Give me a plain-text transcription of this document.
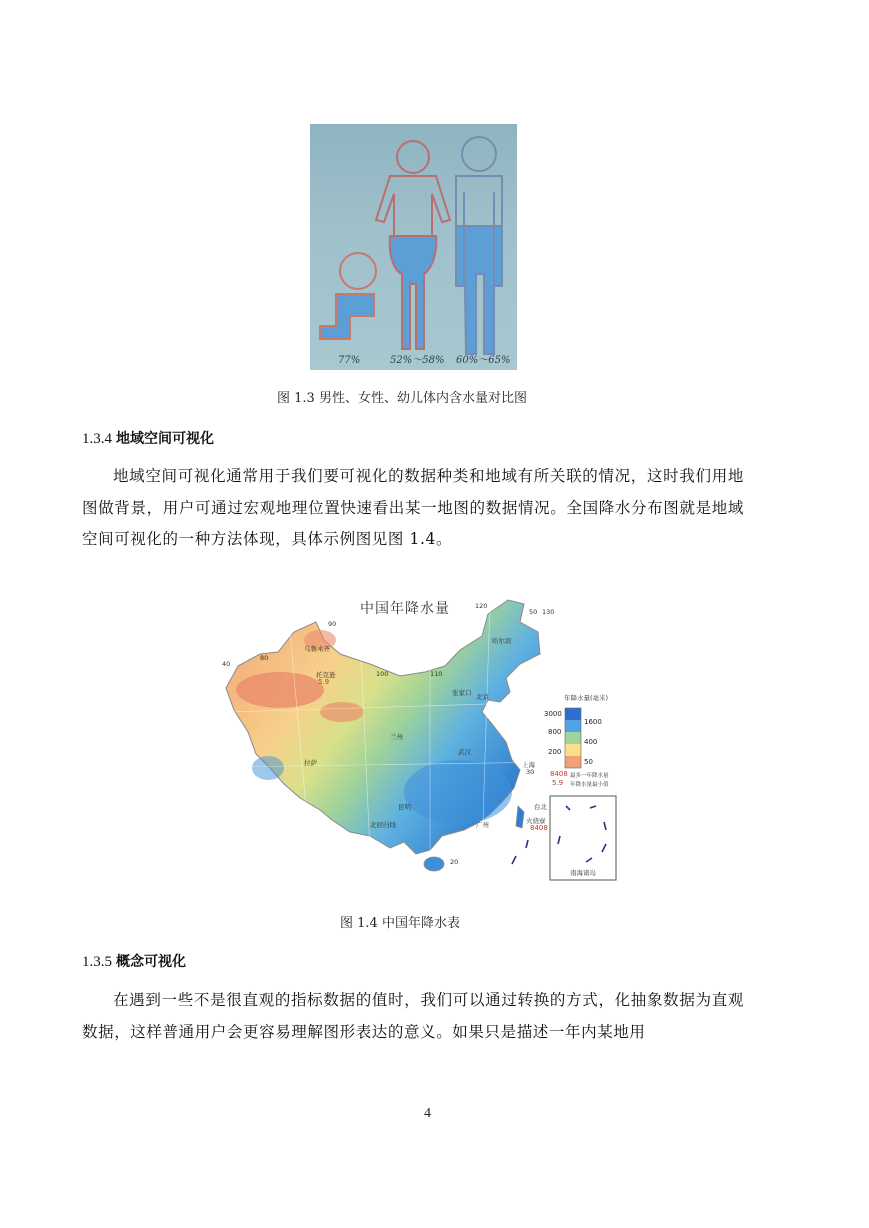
77%	52%～58% 60%～65%
图 1.3 男性、女性、幼儿体内含水量对比图
1.3.4 地域空间可视化
地域空间可视化通常用于我们要可视化的数据种类和地域有所关联的情况，这时我们用地图做背景，用户可通过宏观地理位置快速看出某一地图的数据情况。全国降水分布图就是地域空间可视化的一种方法体现，具体示例图见图 1.4。
中国年降水量	120
50 130
90
40
80
100	110
30
20
哈尔滨
张家口 北京
乌鲁木齐
托克逊
5.9
兰州
武汉
上海
广州
昆明
北回归线
拉萨
台北
火烧寮
8408
南海诸岛
年降水量(毫米)
3000
1600
800
400
200
50
8408 最多一年降水量
5.9 年降水量最小值
图 1.4 中国年降水表
1.3.5 概念可视化
在遇到一些不是很直观的指标数据的值时，我们可以通过转换的方式，化抽象数据为直观数据，这样普通用户会更容易理解图形表达的意义。如果只是描述一年内某地用
4
